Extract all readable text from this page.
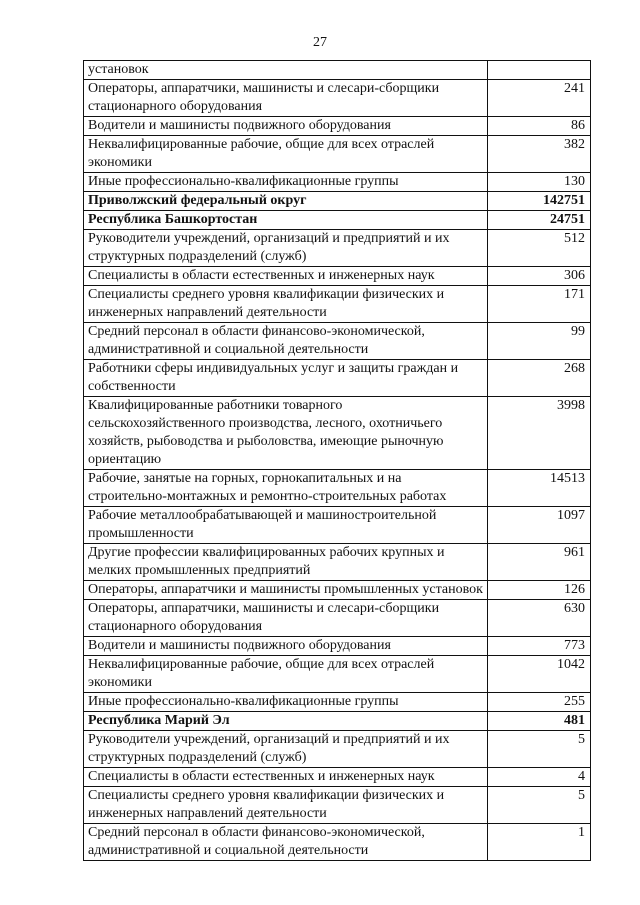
27
установок	
Операторы, аппаратчики, машинисты и слесари-сборщики стационарного оборудования	241
Водители и машинисты подвижного оборудования	86
Неквалифицированные рабочие, общие для всех отраслей экономики	382
Иные профессионально-квалификационные группы	130
Приволжский федеральный округ	142751
Республика Башкортостан	24751
Руководители учреждений, организаций и предприятий и их структурных подразделений (служб)	512
Специалисты в области естественных и инженерных наук	306
Специалисты среднего уровня квалификации физических и инженерных направлений деятельности	171
Средний персонал в области финансово-экономической, административной и социальной деятельности	99
Работники сферы индивидуальных услуг и защиты граждан и собственности	268
Квалифицированные работники товарного сельскохозяйственного производства, лесного, охотничьего хозяйств, рыбоводства и рыболовства, имеющие рыночную ориентацию	3998
Рабочие, занятые на горных, горнокапитальных и на строительно-монтажных и ремонтно-строительных работах	14513
Рабочие металлообрабатывающей и машиностроительной промышленности	1097
Другие профессии квалифицированных рабочих крупных и мелких промышленных предприятий	961
Операторы, аппаратчики и машинисты промышленных установок	126
Операторы, аппаратчики, машинисты и слесари-сборщики стационарного оборудования	630
Водители и машинисты подвижного оборудования	773
Неквалифицированные рабочие, общие для всех отраслей экономики	1042
Иные профессионально-квалификационные группы	255
Республика Марий Эл	481
Руководители учреждений, организаций и предприятий и их структурных подразделений (служб)	5
Специалисты в области естественных и инженерных наук	4
Специалисты среднего уровня квалификации физических и инженерных направлений деятельности	5
Средний персонал в области финансово-экономической, административной и социальной деятельности	1
